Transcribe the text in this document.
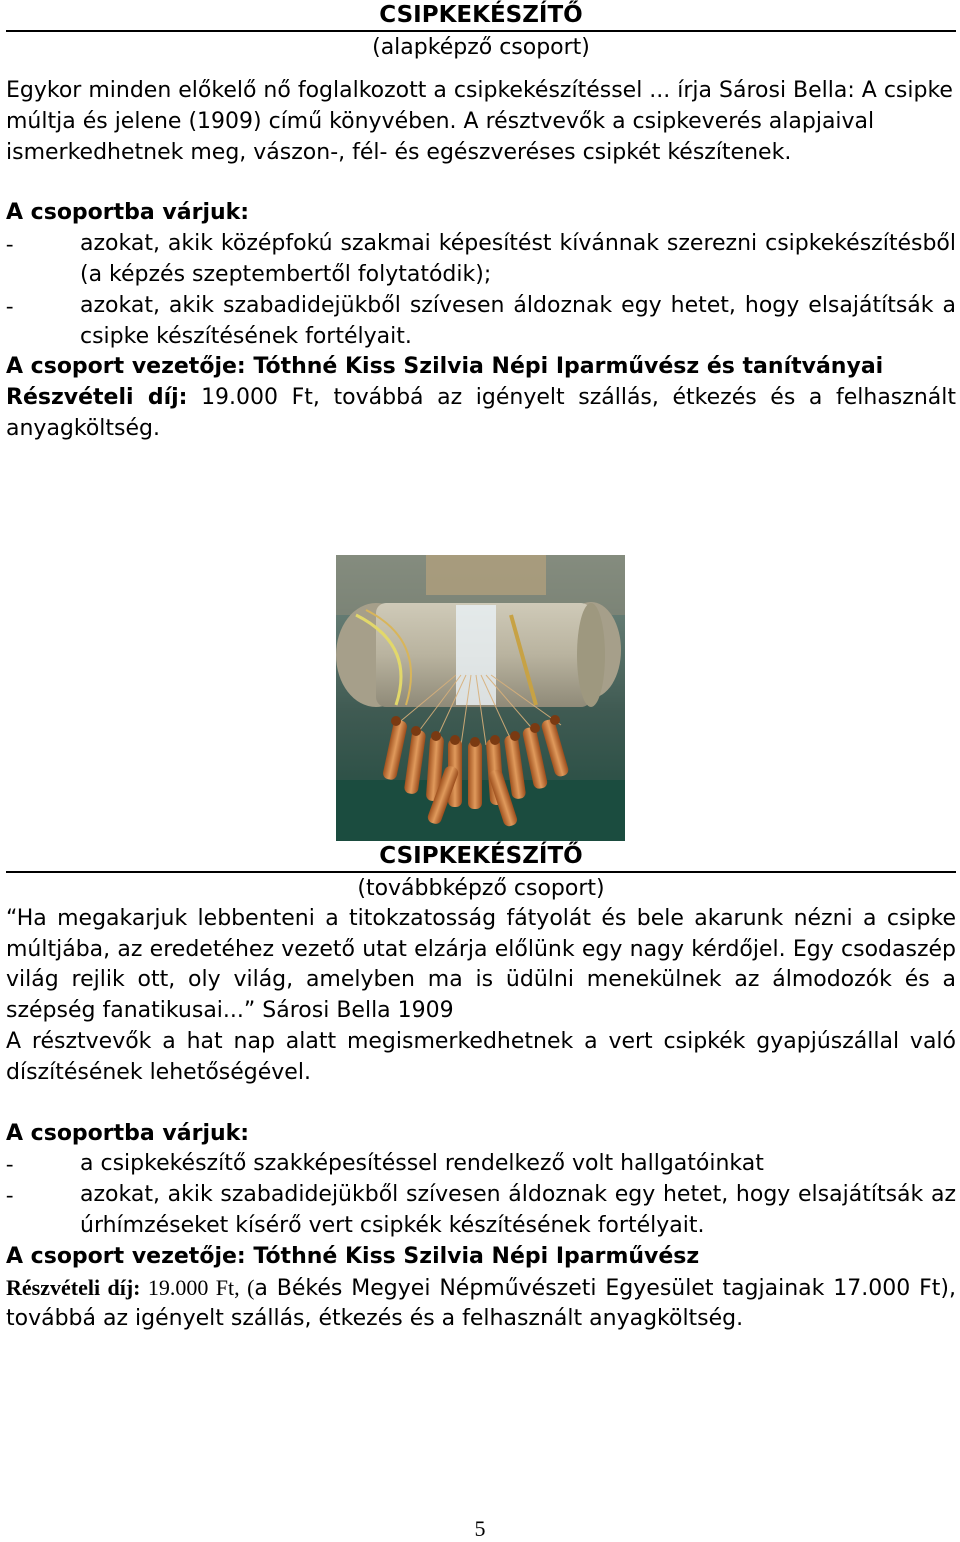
CSIPKEKÉSZÍTŐ

(alapképző csoport)

Egykor minden előkelő nő foglalkozott a csipkekészítéssel ... írja Sárosi Bella: A csipke múltja és jelene (1909) című könyvében. A résztvevők a csipkeverés alapjaival ismerkedhetnek meg, vászon-, fél- és egészveréses csipkét készítenek.

A csoportba várjuk:

- azokat, akik középfokú szakmai képesítést kívánnak szerezni csipkekészítésből (a képzés szeptembertől folytatódik);
- azokat, akik szabadidejükből szívesen áldoznak egy hetet, hogy elsajátítsák a csipke készítésének fortélyait.

A csoport vezetője: Tóthné Kiss Szilvia Népi Iparművész és tanítványai

Részvételi díj: 19.000 Ft, továbbá az igényelt szállás, étkezés és a felhasznált anyagköltség.

CSIPKEKÉSZÍTŐ

(továbbképző csoport)

“Ha megakarjuk lebbenteni a titokzatosság fátyolát és bele akarunk nézni a csipke múltjába, az eredetéhez vezető utat elzárja előlünk egy nagy kérdőjel. Egy csodaszép világ rejlik ott, oly világ, amelyben ma is üdülni menekülnek az álmodozók és a szépség fanatikusai...” Sárosi Bella 1909

A résztvevők a hat nap alatt megismerkedhetnek a vert csipkék gyapjúszállal való díszítésének lehetőségével.

A csoportba várjuk:

- a csipkekészítő szakképesítéssel rendelkező volt hallgatóinkat
- azokat, akik szabadidejükből szívesen áldoznak egy hetet, hogy elsajátítsák az úrhímzéseket kísérő vert csipkék készítésének fortélyait.

A csoport vezetője: Tóthné Kiss Szilvia Népi Iparművész

Részvételi díj: 19.000 Ft, (a Békés Megyei Népművészeti Egyesület tagjainak 17.000 Ft), továbbá az igényelt szállás, étkezés és a felhasznált anyagköltség.

5
